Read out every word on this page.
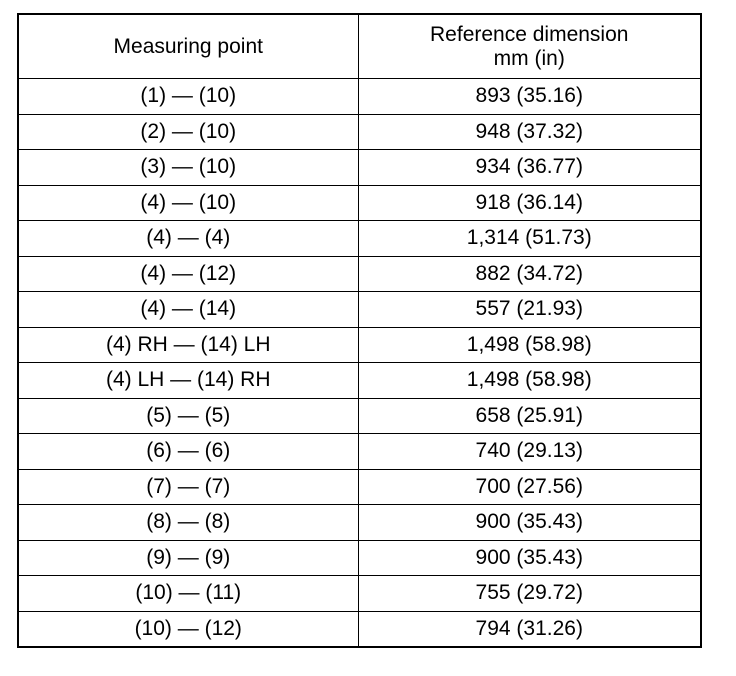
Measuring point	Reference dimension
mm (in)

(1) — (10)	893 (35.16)
(2) — (10)	948 (37.32)
(3) — (10)	934 (36.77)
(4) — (10)	918 (36.14)
(4) — (4)	1,314 (51.73)
(4) — (12)	882 (34.72)
(4) — (14)	557 (21.93)
(4) RH — (14) LH	1,498 (58.98)
(4) LH — (14) RH	1,498 (58.98)
(5) — (5)	658 (25.91)
(6) — (6)	740 (29.13)
(7) — (7)	700 (27.56)
(8) — (8)	900 (35.43)
(9) — (9)	900 (35.43)
(10) — (11)	755 (29.72)
(10) — (12)	794 (31.26)
